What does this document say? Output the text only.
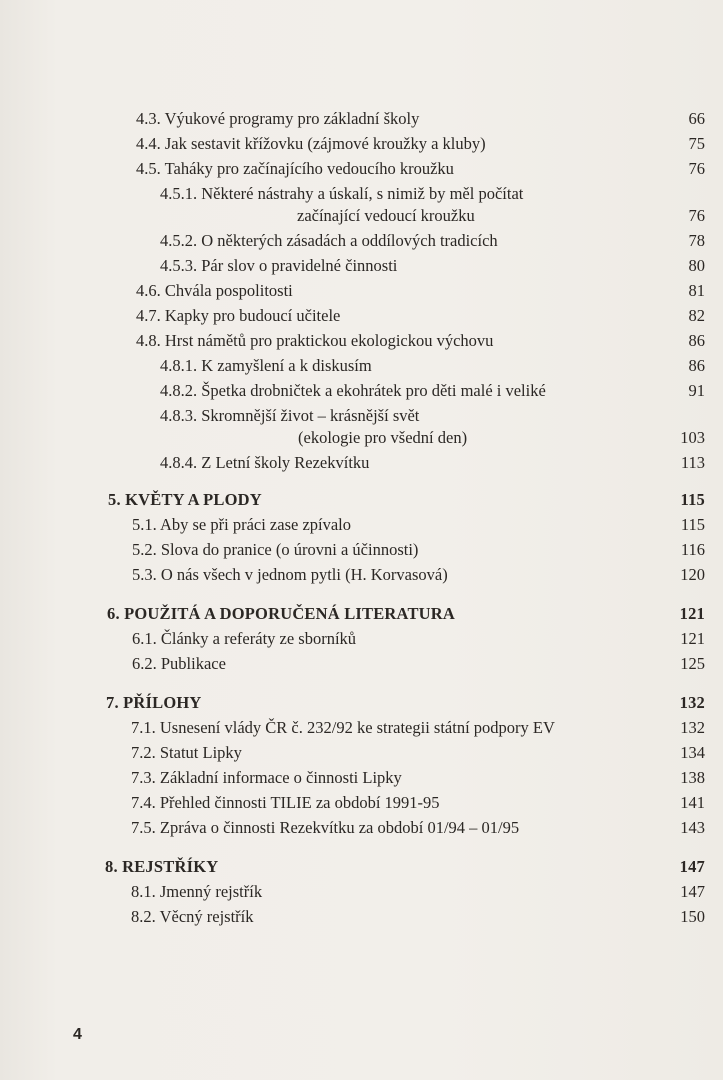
4.3. Výukové programy pro základní školy	66
4.4. Jak sestavit křížovku (zájmové kroužky a kluby)	75
4.5. Taháky pro začínajícího vedoucího kroužku	76
4.5.1. Některé nástrahy a úskalí, s nimiž by měl počítat
začínající vedoucí kroužku	76
4.5.2. O některých zásadách a oddílových tradicích	78
4.5.3. Pár slov o pravidelné činnosti	80
4.6. Chvála pospolitosti	81
4.7. Kapky pro budoucí učitele	82
4.8. Hrst námětů pro praktickou ekologickou výchovu	86
4.8.1. K zamyšlení a k diskusím	86
4.8.2. Špetka drobničtek a ekohrátek pro děti malé i veliké	91
4.8.3. Skromnější život – krásnější svět
(ekologie pro všední den)	103
4.8.4. Z Letní školy Rezekvítku	113
5. KVĚTY A PLODY	115
5.1. Aby se při práci zase zpívalo	115
5.2. Slova do pranice (o úrovni a účinnosti)	116
5.3. O nás všech v jednom pytli (H. Korvasová)	120
6. POUŽITÁ A DOPORUČENÁ LITERATURA	121
6.1. Články a referáty ze sborníků	121
6.2. Publikace	125
7. PŘÍLOHY	132
7.1. Usnesení vlády ČR č. 232/92 ke strategii státní podpory EV	132
7.2. Statut Lipky	134
7.3. Základní informace o činnosti Lipky	138
7.4. Přehled činnosti TILIE za období 1991-95	141
7.5. Zpráva o činnosti Rezekvítku za období 01/94 – 01/95	143
8. REJSTŘÍKY	147
8.1. Jmenný rejstřík	147
8.2. Věcný rejstřík	150
4
